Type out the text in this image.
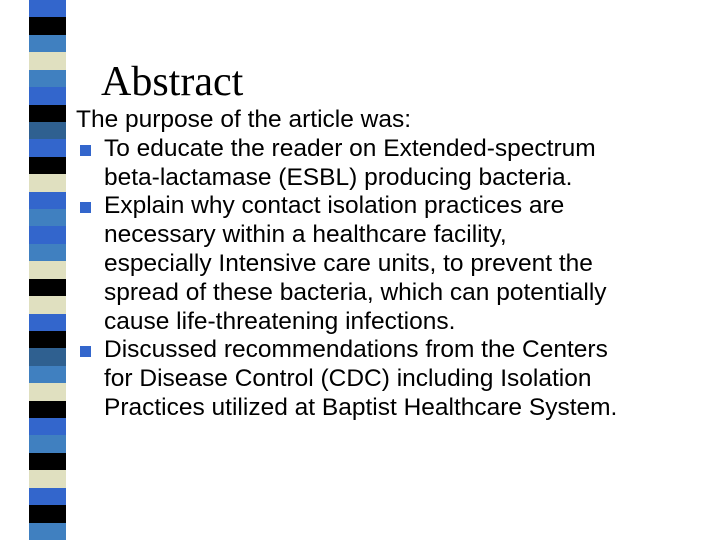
Abstract
The purpose of the article was:
To educate the reader on Extended-spectrum
beta-lactamase (ESBL) producing bacteria.
Explain why contact isolation practices are
necessary within a healthcare facility,
especially Intensive care units, to prevent the
spread of these bacteria, which can potentially
cause life-threatening infections.
Discussed recommendations from the Centers
for Disease Control (CDC) including Isolation
Practices utilized at Baptist Healthcare System.
